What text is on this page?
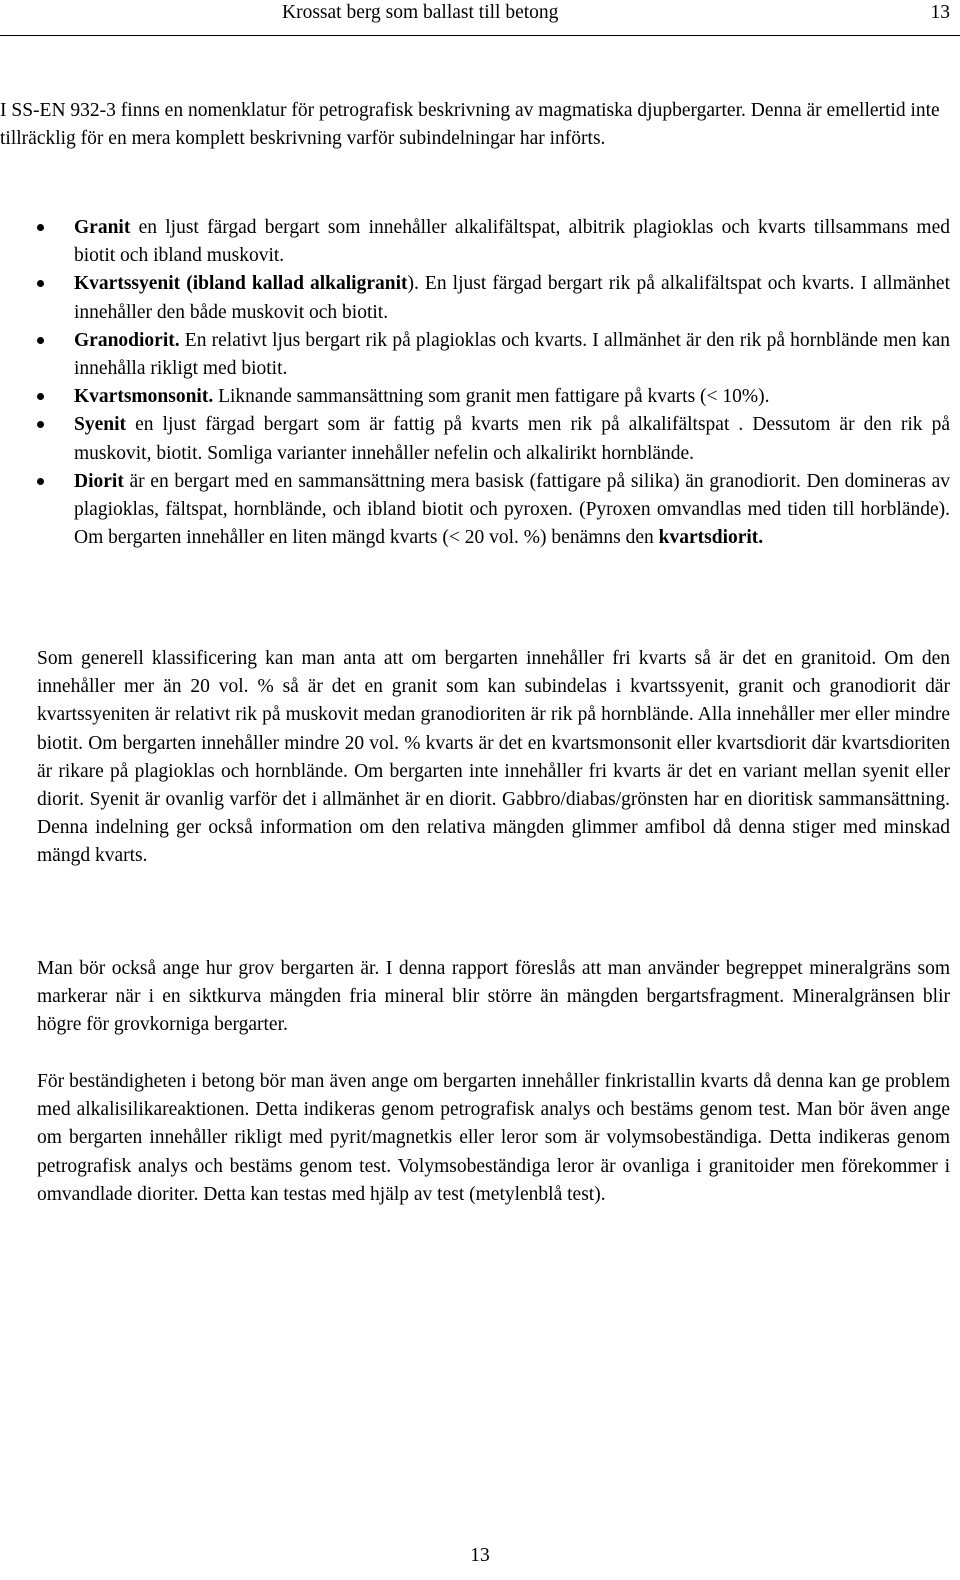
Krossat berg som ballast till betong	13

I SS-EN 932-3 finns en nomenklatur för petrografisk beskrivning av magmatiska djupbergarter. Denna är emellertid inte tillräcklig för en mera komplett beskrivning varför subindelningar har införts.

Granit en ljust färgad bergart som innehåller alkalifältspat, albitrik plagioklas och kvarts tillsammans med biotit och ibland muskovit.
Kvartssyenit (ibland kallad alkaligranit). En ljust färgad bergart rik på alkalifältspat och kvarts. I allmänhet innehåller den både muskovit och biotit.
Granodiorit. En relativt ljus bergart rik på plagioklas och kvarts. I allmänhet är den rik på hornblände men kan innehålla rikligt med biotit.
Kvartsmonsonit. Liknande sammansättning som granit men fattigare på kvarts (< 10%).
Syenit en ljust färgad bergart som är fattig på kvarts men rik på alkalifältspat . Dessutom är den rik på muskovit, biotit. Somliga varianter innehåller nefelin och alkalirikt hornblände.
Diorit är en bergart med en sammansättning mera basisk (fattigare på silika) än granodiorit. Den domineras av plagioklas, fältspat, hornblände, och ibland biotit och pyroxen. (Pyroxen omvandlas med tiden till horblände). Om bergarten innehåller en liten mängd kvarts (< 20 vol. %) benämns den kvartsdiorit.

Som generell klassificering kan man anta att om bergarten innehåller fri kvarts så är det en granitoid. Om den innehåller mer än 20 vol. % så är det en granit som kan subindelas i kvartssyenit, granit och granodiorit där kvartssyeniten är relativt rik på muskovit medan granodioriten är rik på hornblände. Alla innehåller mer eller mindre biotit. Om bergarten innehåller mindre 20 vol. % kvarts är det en kvartsmonsonit eller kvartsdiorit där kvartsdioriten är rikare på plagioklas och hornblände. Om bergarten inte innehåller fri kvarts är det en variant mellan syenit eller diorit. Syenit är ovanlig varför det i allmänhet är en diorit. Gabbro/diabas/grönsten har en dioritisk sammansättning. Denna indelning ger också information om den relativa mängden glimmer amfibol då denna stiger med minskad mängd kvarts.

Man bör också ange hur grov bergarten är. I denna rapport föreslås att man använder begreppet mineralgräns som markerar när i en siktkurva mängden fria mineral blir större än mängden bergartsfragment. Mineralgränsen blir högre för grovkorniga bergarter.

För beständigheten i betong bör man även ange om bergarten innehåller finkristallin kvarts då denna kan ge problem med alkalisilikareaktionen. Detta indikeras genom petrografisk analys och bestäms genom test. Man bör även ange om bergarten innehåller rikligt med pyrit/magnetkis eller leror som är volymsobeständiga. Detta indikeras genom petrografisk analys och bestäms genom test. Volymsobeständiga leror är ovanliga i granitoider men förekommer i omvandlade dioriter. Detta kan testas med hjälp av test (metylenblå test).

13
